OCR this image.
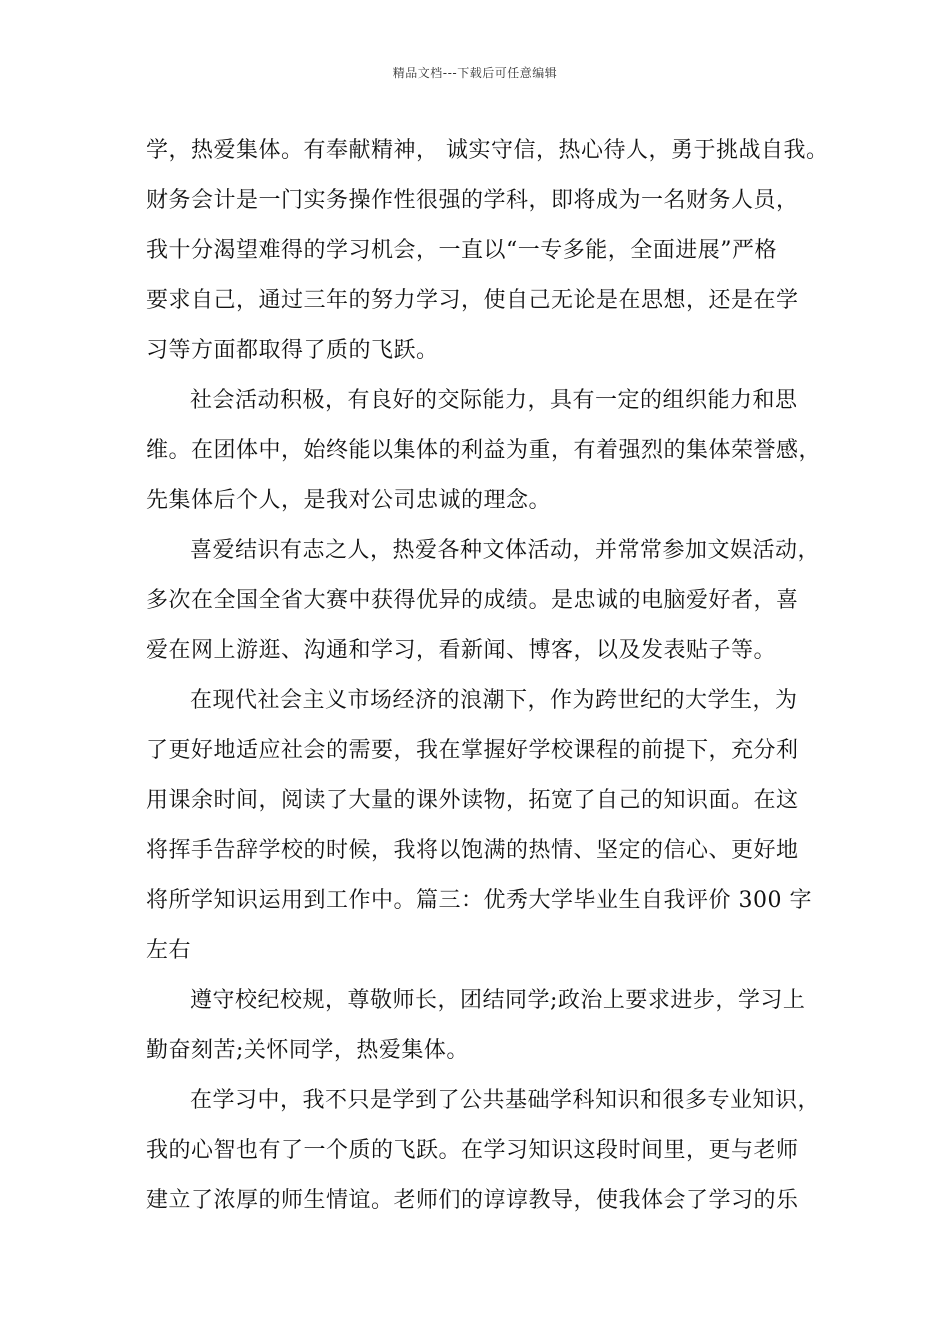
精品文档---下载后可任意编辑
学，热爱集体。有奉献精神， 诚实守信，热心待人，勇于挑战自我。
财务会计是一门实务操作性很强的学科，即将成为一名财务人员，
我十分渴望难得的学习机会，一直以“一专多能，全面进展”严格
要求自己，通过三年的努力学习，使自己无论是在思想，还是在学
习等方面都取得了质的飞跃。
社会活动积极，有良好的交际能力，具有一定的组织能力和思
维。在团体中，始终能以集体的利益为重，有着强烈的集体荣誉感，
先集体后个人，是我对公司忠诚的理念。
喜爱结识有志之人，热爱各种文体活动，并常常参加文娱活动，
多次在全国全省大赛中获得优异的成绩。是忠诚的电脑爱好者，喜
爱在网上游逛、沟通和学习，看新闻、博客，以及发表贴子等。
在现代社会主义市场经济的浪潮下，作为跨世纪的大学生，为
了更好地适应社会的需要，我在掌握好学校课程的前提下，充分利
用课余时间，阅读了大量的课外读物，拓宽了自己的知识面。在这
将挥手告辞学校的时候，我将以饱满的热情、坚定的信心、更好地
将所学知识运用到工作中。篇三：优秀大学毕业生自我评价 300 字
左右
遵守校纪校规，尊敬师长，团结同学;政治上要求进步，学习上
勤奋刻苦;关怀同学，热爱集体。
在学习中，我不只是学到了公共基础学科知识和很多专业知识，
我的心智也有了一个质的飞跃。在学习知识这段时间里，更与老师
建立了浓厚的师生情谊。老师们的谆谆教导，使我体会了学习的乐
